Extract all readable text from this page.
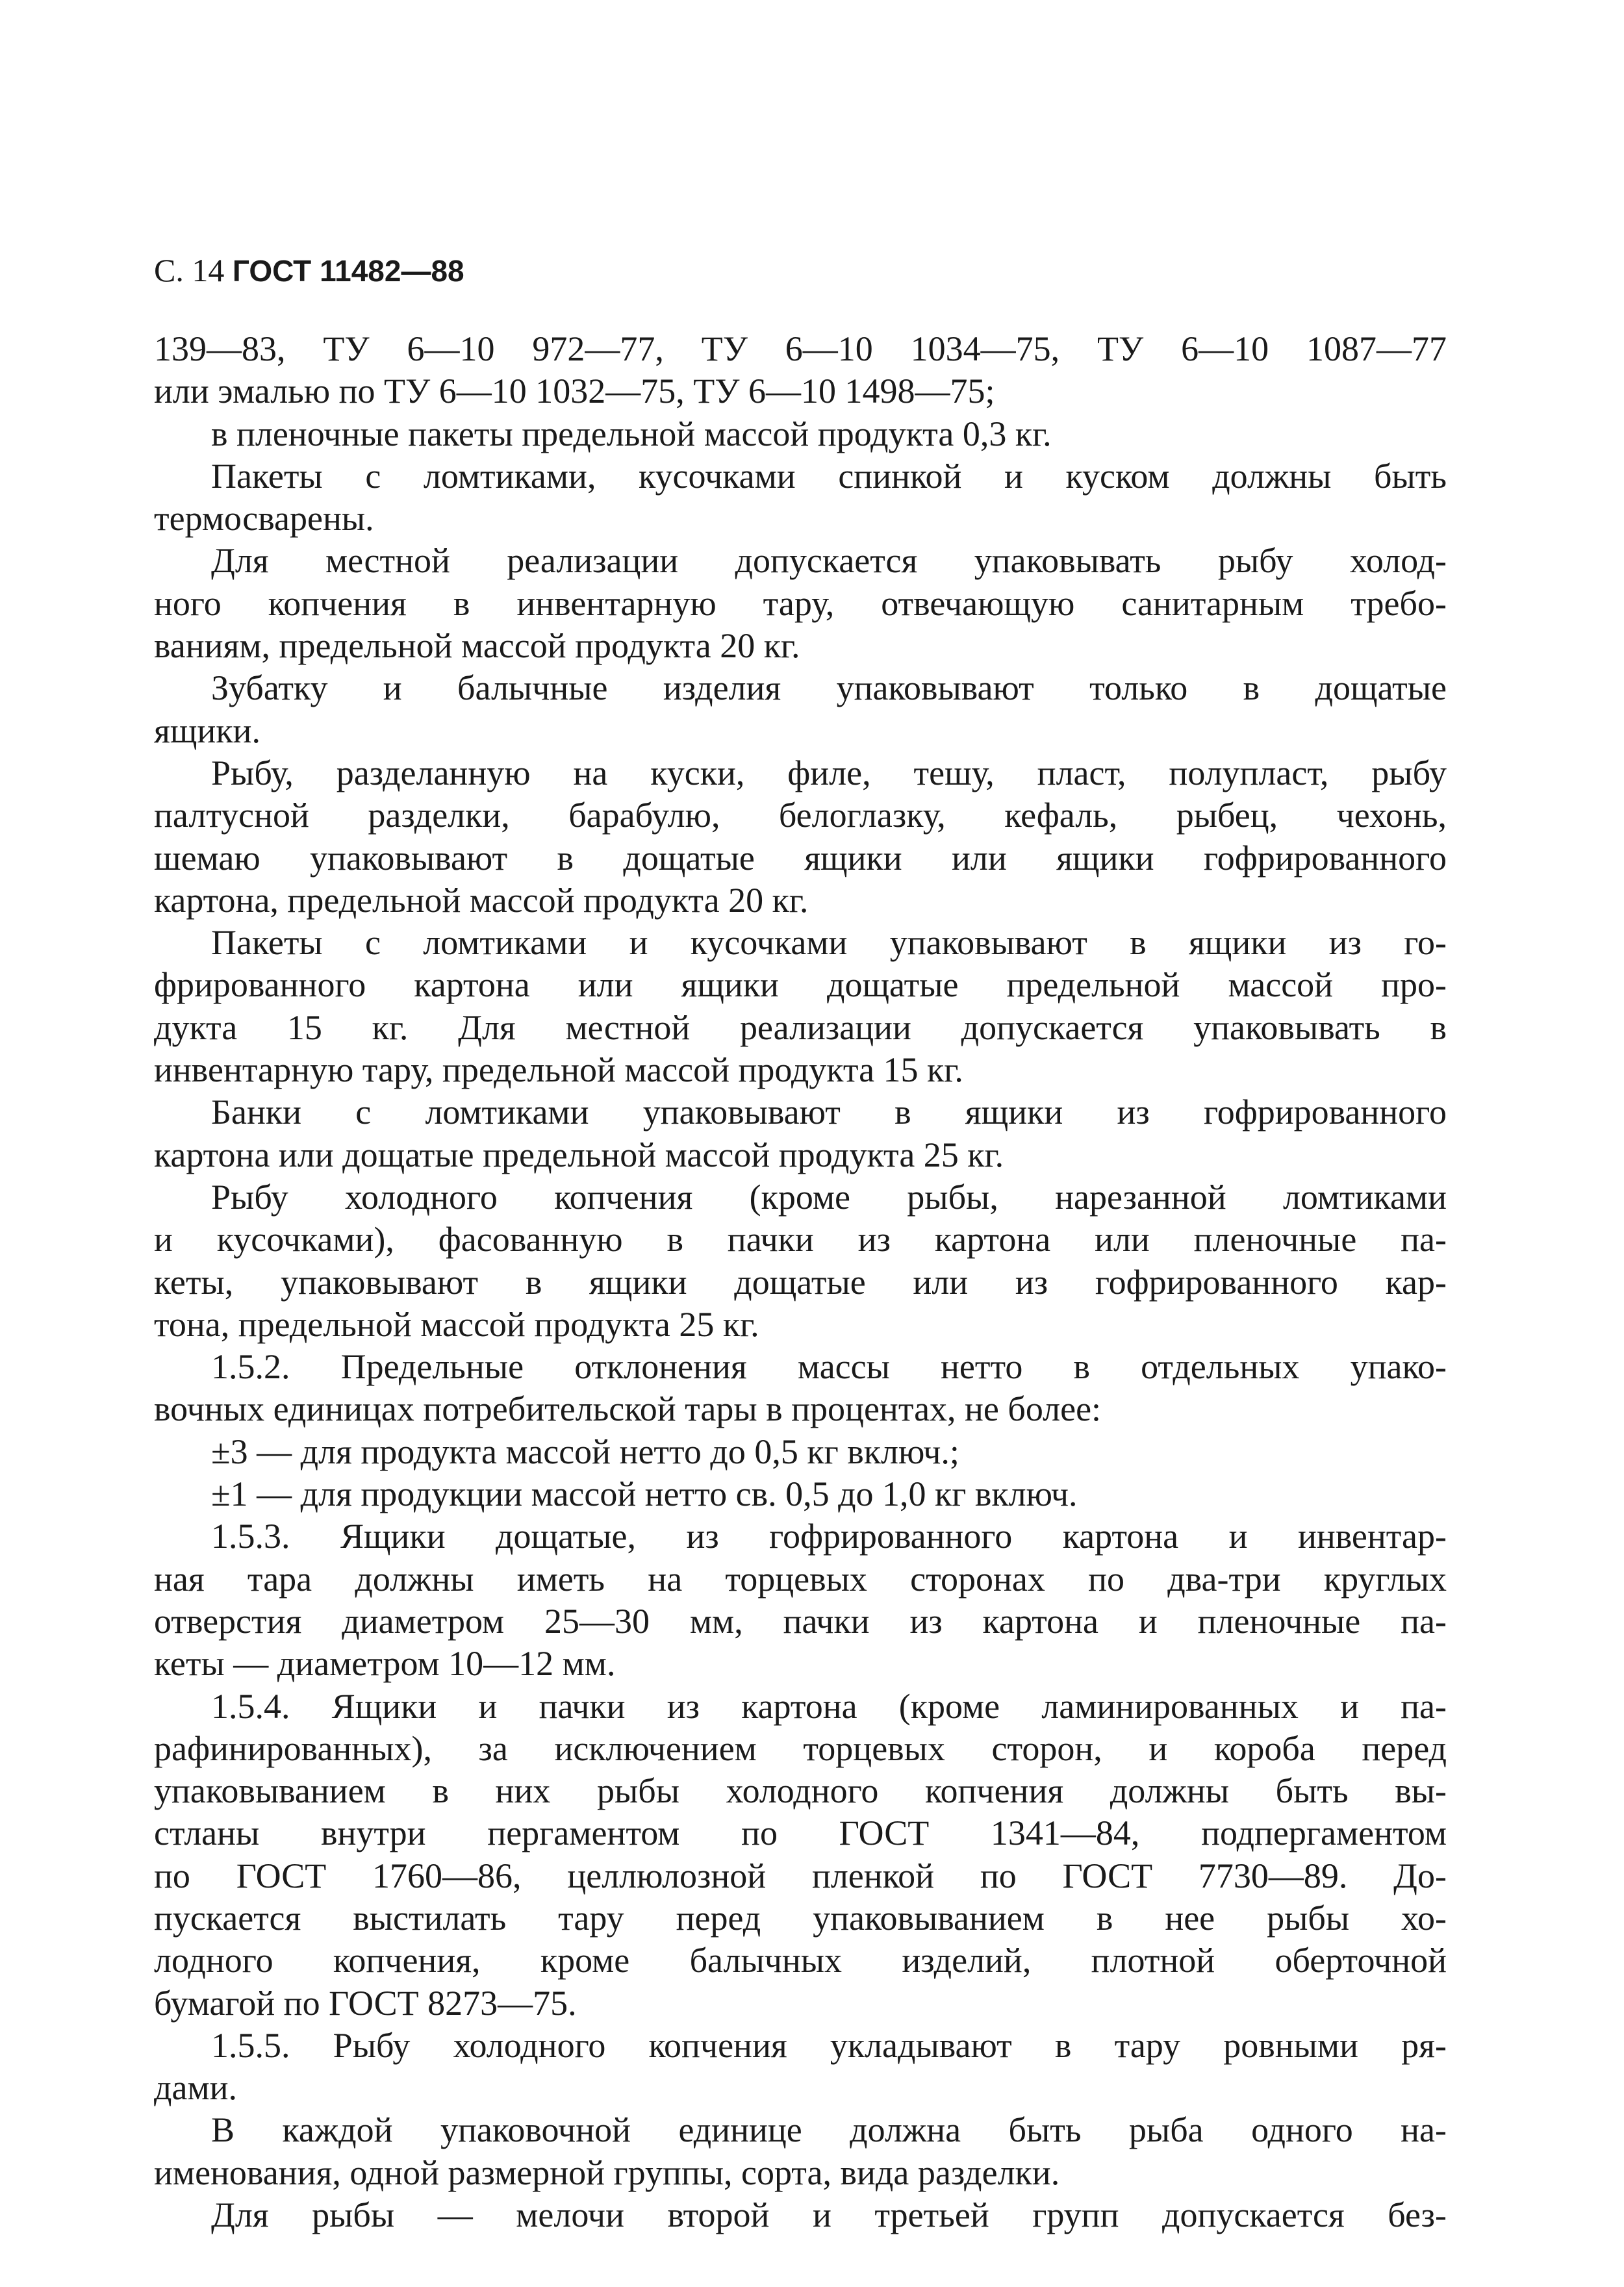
С. 14 ГОСТ 11482—88
139—83, ТУ 6—10 972—77, ТУ 6—10 1034—75, ТУ 6—10 1087—77
или эмалью по ТУ 6—10 1032—75, ТУ 6—10 1498—75;
в пленочные пакеты предельной массой продукта 0,3 кг.
Пакеты с ломтиками, кусочками спинкой и куском должны быть
термосварены.
Для местной реализации допускается упаковывать рыбу холод-
ного копчения в инвентарную тару, отвечающую санитарным требо-
ваниям, предельной массой продукта 20 кг.
Зубатку и балычные изделия упаковывают только в дощатые
ящики.
Рыбу, разделанную на куски, филе, тешу, пласт, полупласт, рыбу
палтусной разделки, барабулю, белоглазку, кефаль, рыбец, чехонь,
шемаю упаковывают в дощатые ящики или ящики гофрированного
картона, предельной массой продукта 20 кг.
Пакеты с ломтиками и кусочками упаковывают в ящики из го-
фрированного картона или ящики дощатые предельной массой про-
дукта 15 кг. Для местной реализации допускается упаковывать в
инвентарную тару, предельной массой продукта 15 кг.
Банки с ломтиками упаковывают в ящики из гофрированного
картона или дощатые предельной массой продукта 25 кг.
Рыбу холодного копчения (кроме рыбы, нарезанной ломтиками
и кусочками), фасованную в пачки из картона или пленочные па-
кеты, упаковывают в ящики дощатые или из гофрированного кар-
тона, предельной массой продукта 25 кг.
1.5.2. Предельные отклонения массы нетто в отдельных упако-
вочных единицах потребительской тары в процентах, не более:
±3 — для продукта массой нетто до 0,5 кг включ.;
±1 — для продукции массой нетто св. 0,5 до 1,0 кг включ.
1.5.3. Ящики дощатые, из гофрированного картона и инвентар-
ная тара должны иметь на торцевых сторонах по два-три круглых
отверстия диаметром 25—30 мм, пачки из картона и пленочные па-
кеты — диаметром 10—12 мм.
1.5.4. Ящики и пачки из картона (кроме ламинированных и па-
рафинированных), за исключением торцевых сторон, и короба перед
упаковыванием в них рыбы холодного копчения должны быть вы-
стланы внутри пергаментом по ГОСТ 1341—84, подпергаментом
по ГОСТ 1760—86, целлюлозной пленкой по ГОСТ 7730—89. До-
пускается выстилать тару перед упаковыванием в нее рыбы хо-
лодного копчения, кроме балычных изделий, плотной оберточной
бумагой по ГОСТ 8273—75.
1.5.5. Рыбу холодного копчения укладывают в тару ровными ря-
дами.
В каждой упаковочной единице должна быть рыба одного на-
именования, одной размерной группы, сорта, вида разделки.
Для рыбы — мелочи второй и третьей групп допускается без-
